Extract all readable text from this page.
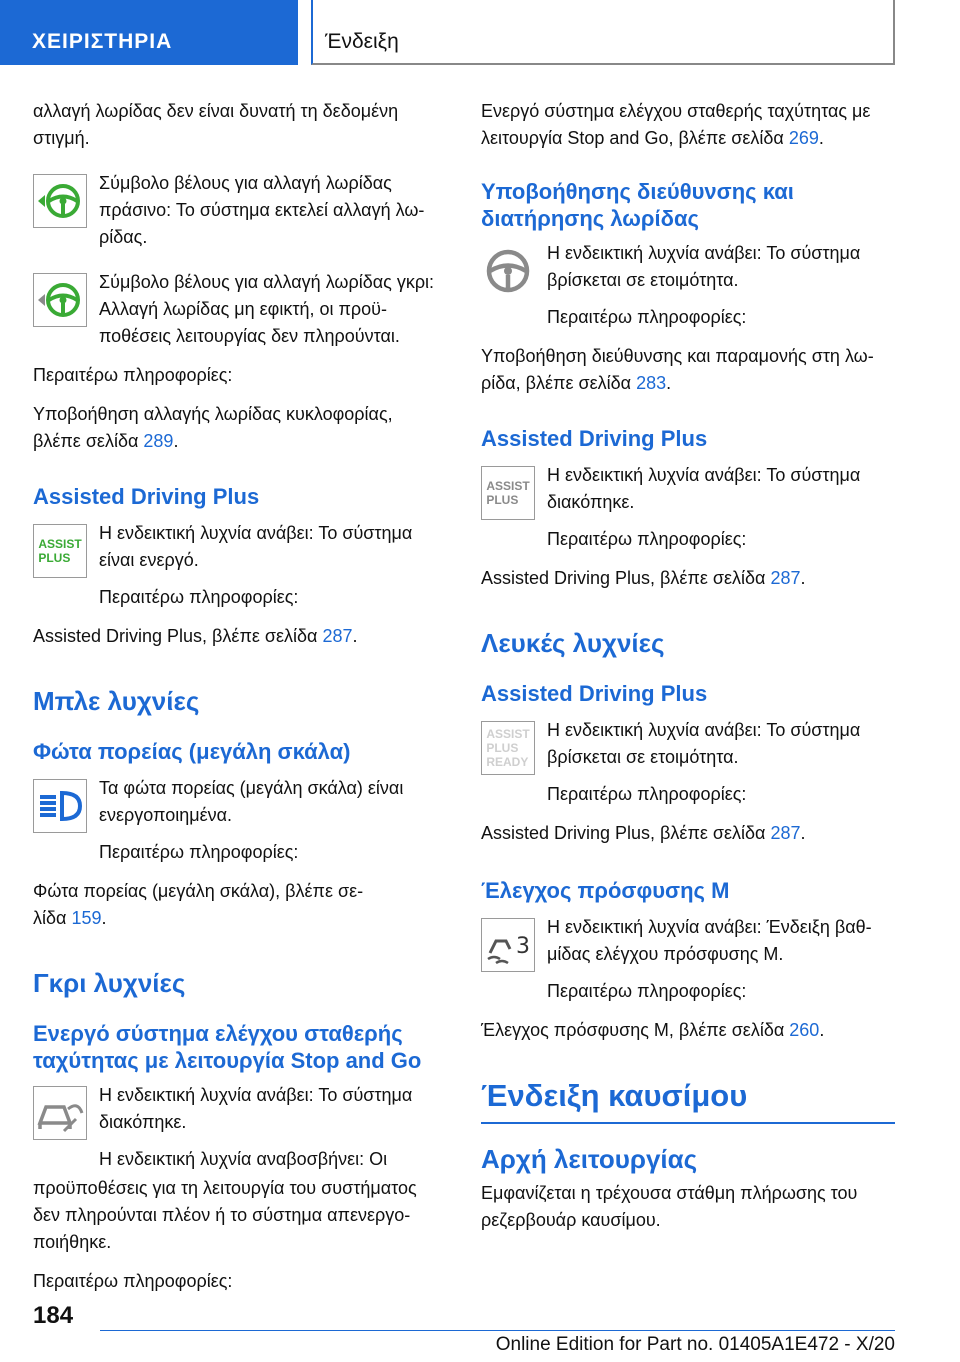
ΧΕΙΡΙΣΤΗΡΙΑ	Ένδειξη

αλλαγή λωρίδας δεν είναι δυνατή τη δεδομένη στιγμή.

Σύμβολο βέλους για αλλαγή λωρίδας πράσινο: Το σύστημα εκτελεί αλλαγή λω-ρίδας.

Σύμβολο βέλους για αλλαγή λωρίδας γκρι: Αλλαγή λωρίδας μη εφικτή, οι προϋ-ποθέσεις λειτουργίας δεν πληρούνται.

Περαιτέρω πληροφορίες:

Υποβοήθηση αλλαγής λωρίδας κυκλοφορίας, βλέπε σελίδα 289.

Assisted Driving Plus
ASSIST
PLUS

Η ενδεικτική λυχνία ανάβει: Το σύστημα είναι ενεργό.

Περαιτέρω πληροφορίες:

Assisted Driving Plus, βλέπε σελίδα 287.

Μπλε λυχνίες
Φώτα πορείας (μεγάλη σκάλα)

Τα φώτα πορείας (μεγάλη σκάλα) είναι ενεργοποιημένα.

Περαιτέρω πληροφορίες:

Φώτα πορείας (μεγάλη σκάλα), βλέπε σε-λίδα 159.

Γκρι λυχνίες
Ενεργό σύστημα ελέγχου σταθερής ταχύτητας με λειτουργία Stop and Go

Η ενδεικτική λυχνία ανάβει: Το σύστημα διακόπηκε.

Η ενδεικτική λυχνία αναβοσβήνει: Οι

προϋποθέσεις για τη λειτουργία του συστήματος δεν πληρούνται πλέον ή το σύστημα απενεργο-ποιήθηκε.

Περαιτέρω πληροφορίες:

Ενεργό σύστημα ελέγχου σταθερής ταχύτητας με λειτουργία Stop and Go, βλέπε σελίδα 269.

Υποβοήθησης διεύθυνσης και διατήρησης λωρίδας

Η ενδεικτική λυχνία ανάβει: Το σύστημα βρίσκεται σε ετοιμότητα.

Περαιτέρω πληροφορίες:

Υποβοήθηση διεύθυνσης και παραμονής στη λω-ρίδα, βλέπε σελίδα 283.

Assisted Driving Plus
ASSIST
PLUS

Η ενδεικτική λυχνία ανάβει: Το σύστημα διακόπηκε.

Περαιτέρω πληροφορίες:

Assisted Driving Plus, βλέπε σελίδα 287.

Λευκές λυχνίες
Assisted Driving Plus
ASSIST
PLUS
READY

Η ενδεικτική λυχνία ανάβει: Το σύστημα βρίσκεται σε ετοιμότητα.

Περαιτέρω πληροφορίες:

Assisted Driving Plus, βλέπε σελίδα 287.

Έλεγχος πρόσφυσης M
3

Η ενδεικτική λυχνία ανάβει: Ένδειξη βαθ-μίδας ελέγχου πρόσφυσης M.

Περαιτέρω πληροφορίες:

Έλεγχος πρόσφυσης M, βλέπε σελίδα 260.

Ένδειξη καυσίμου
Αρχή λειτουργίας

Εμφανίζεται η τρέχουσα στάθμη πλήρωσης του ρεζερβουάρ καυσίμου.

184
Online Edition for Part no. 01405A1E472 - X/20
